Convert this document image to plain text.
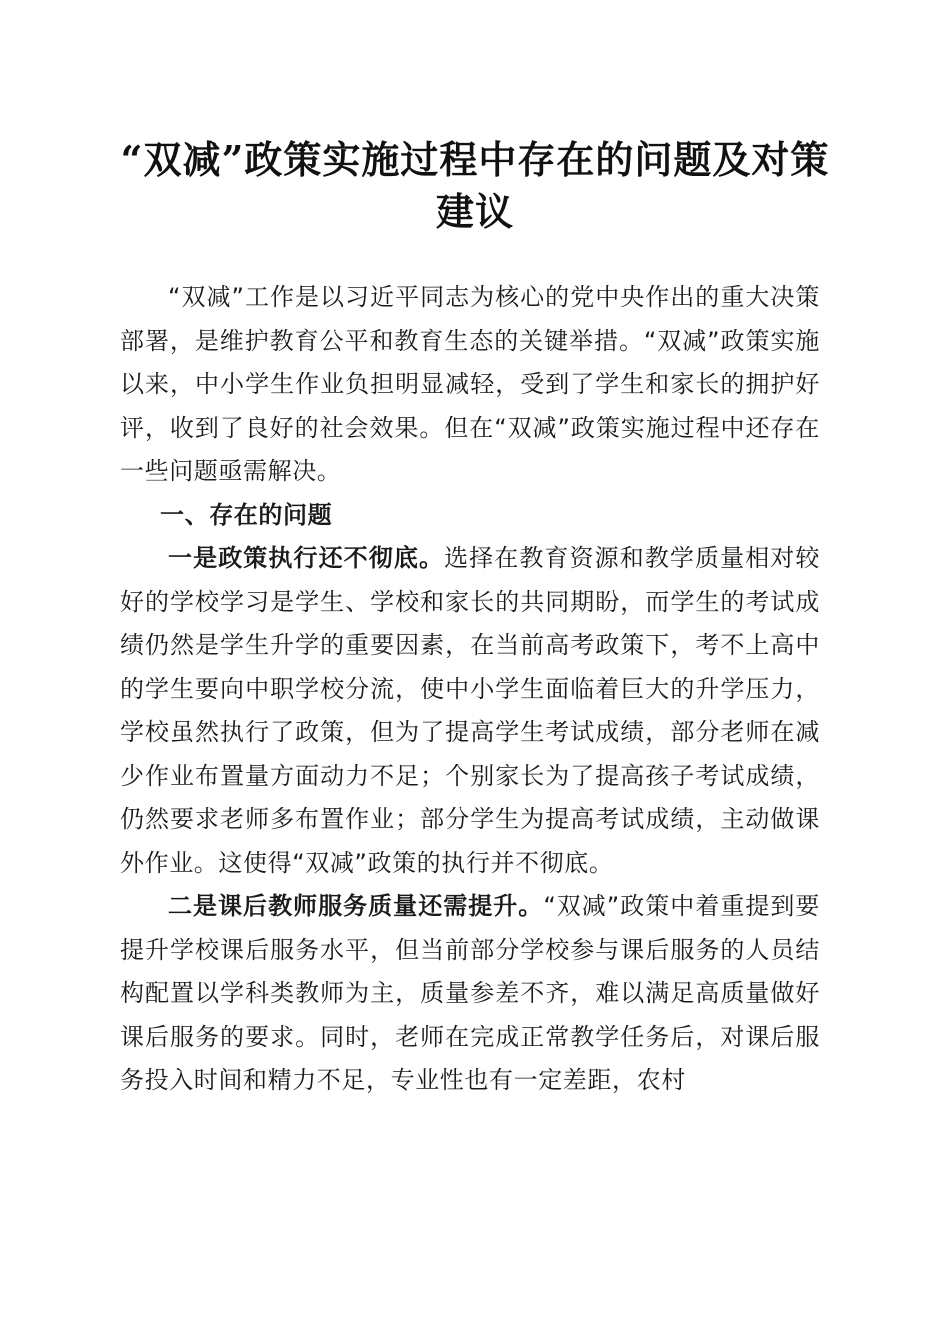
“双减”政策实施过程中存在的问题及对策建议

“双减”工作是以习近平同志为核心的党中央作出的重大决策部署，是维护教育公平和教育生态的关键举措。“双减”政策实施以来，中小学生作业负担明显减轻，受到了学生和家长的拥护好评，收到了良好的社会效果。但在“双减”政策实施过程中还存在一些问题亟需解决。

一、存在的问题

一是政策执行还不彻底。选择在教育资源和教学质量相对较好的学校学习是学生、学校和家长的共同期盼，而学生的考试成绩仍然是学生升学的重要因素，在当前高考政策下，考不上高中的学生要向中职学校分流，使中小学生面临着巨大的升学压力，学校虽然执行了政策，但为了提高学生考试成绩，部分老师在减少作业布置量方面动力不足；个别家长为了提高孩子考试成绩，仍然要求老师多布置作业；部分学生为提高考试成绩，主动做课外作业。这使得“双减”政策的执行并不彻底。

二是课后教师服务质量还需提升。“双减”政策中着重提到要提升学校课后服务水平，但当前部分学校参与课后服务的人员结构配置以学科类教师为主，质量参差不齐，难以满足高质量做好课后服务的要求。同时，老师在完成正常教学任务后，对课后服务投入时间和精力不足，专业性也有一定差距，农村
